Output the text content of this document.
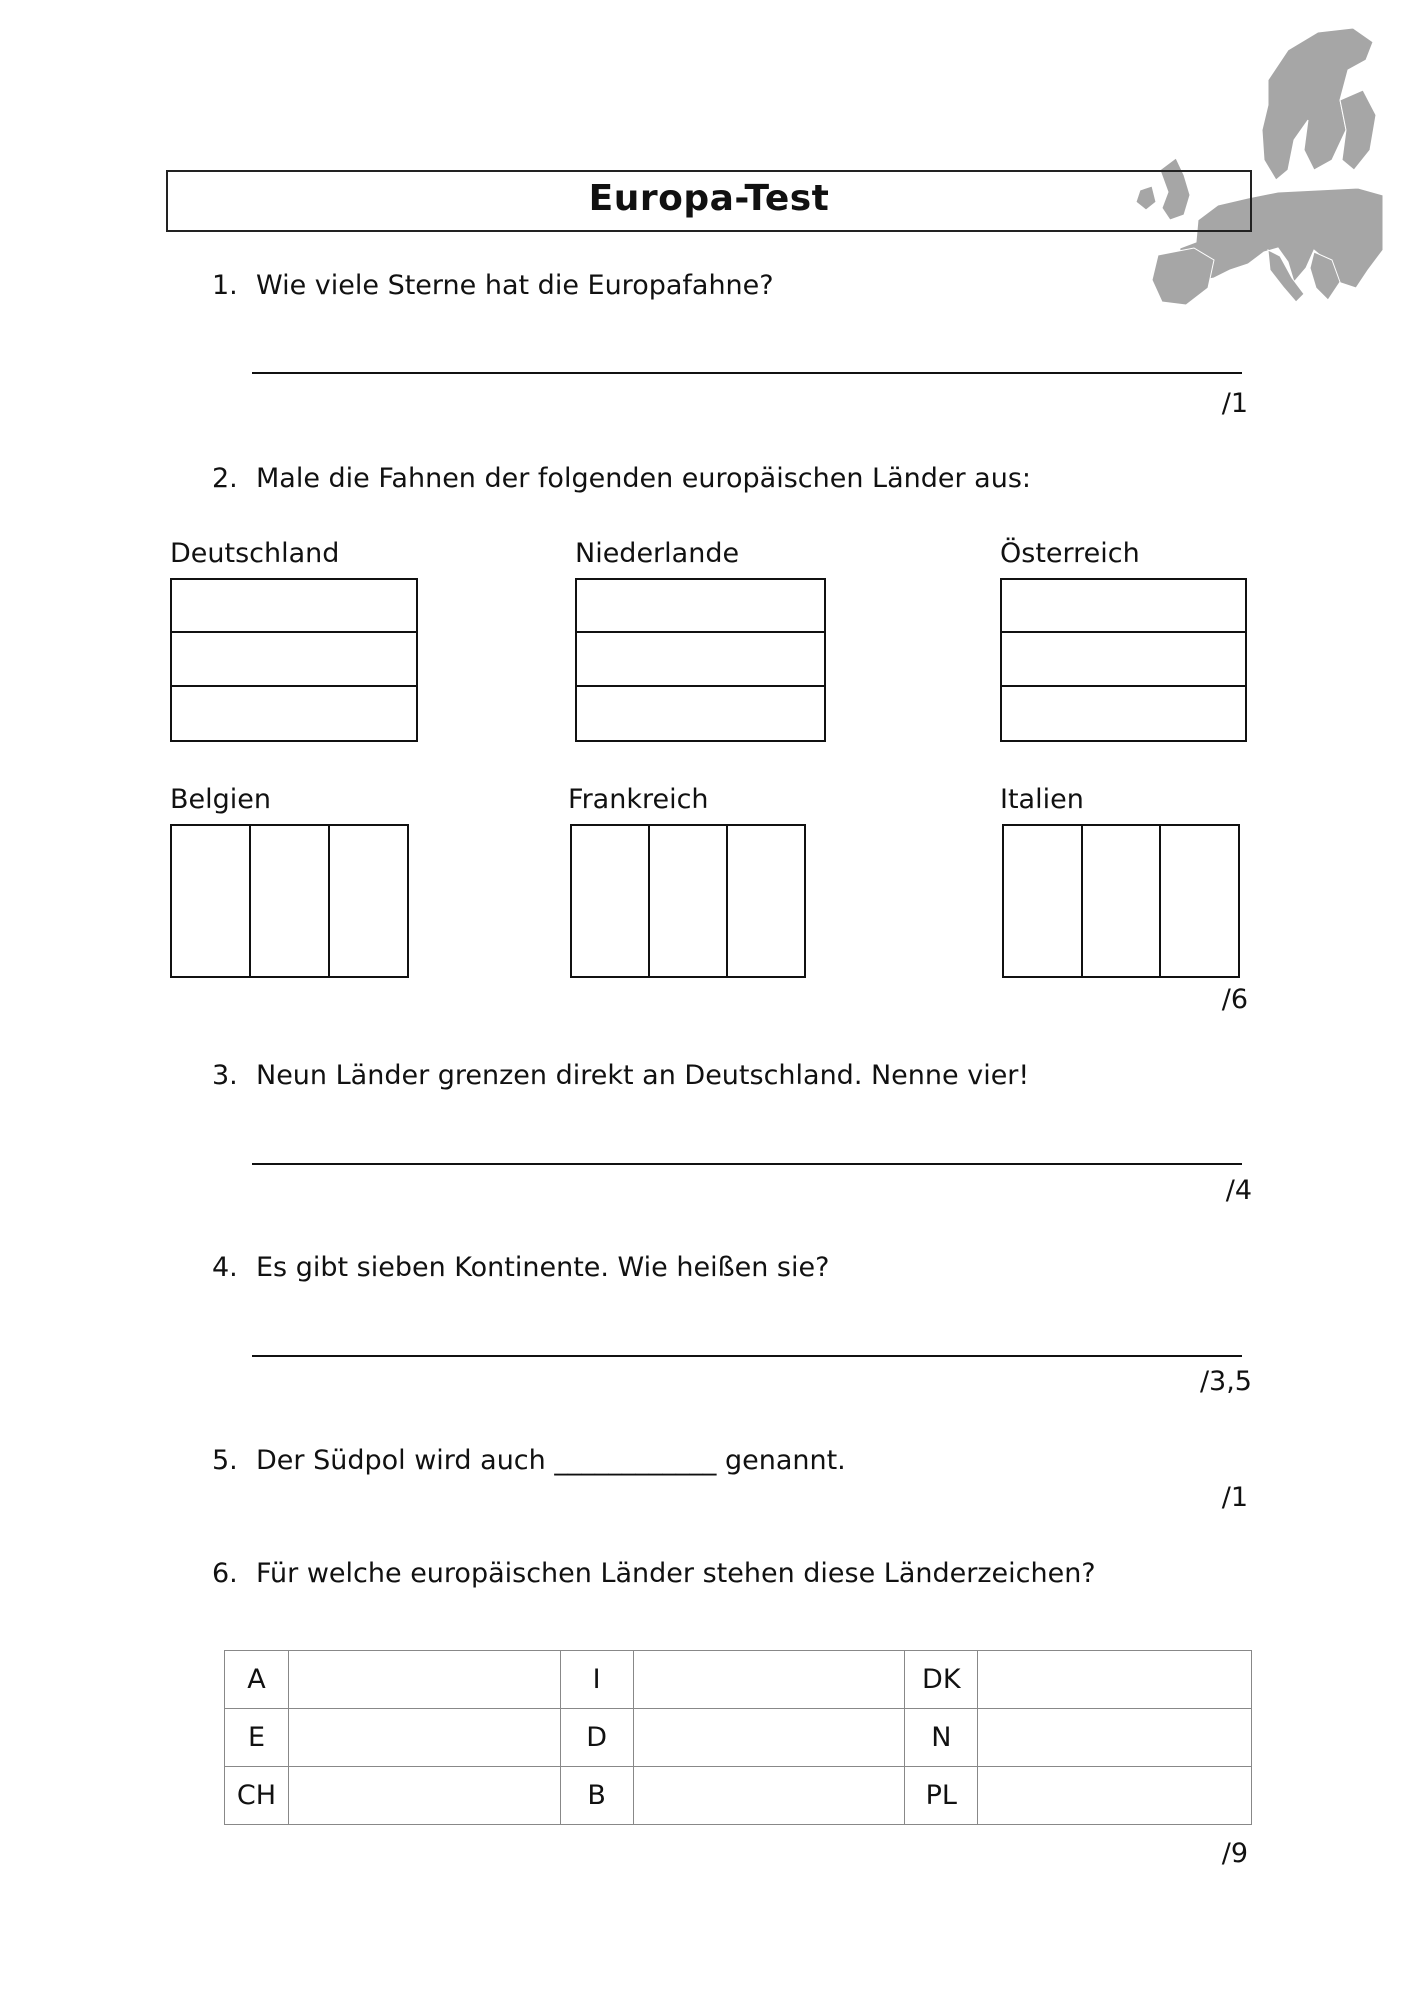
Europa-Test
1. Wie viele Sterne hat die Europafahne?
/1
2. Male die Fahnen der folgenden europäischen Länder aus:
Deutschland	Niederlande	Österreich
Belgien	Frankreich	Italien
/6
3. Neun Länder grenzen direkt an Deutschland. Nenne vier!
/4
4. Es gibt sieben Kontinente. Wie heißen sie?
/3,5
5. Der Südpol wird auch ____________ genannt.
/1
6. Für welche europäischen Länder stehen diese Länderzeichen?
A		I		DK	
E		D		N	
CH		B		PL	
/9
